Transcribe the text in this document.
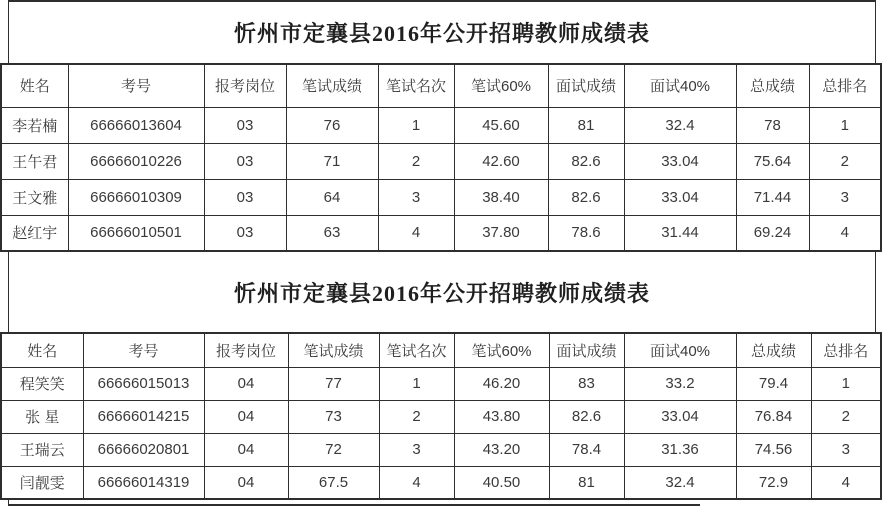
忻州市定襄县2016年公开招聘教师成绩表
姓名	考号	报考岗位	笔试成绩	笔试名次	笔试60%	面试成绩	面试40%	总成绩	总排名
李若楠	66666013604	03	76	1	45.60	81	32.4	78	1
王午君	66666010226	03	71	2	42.60	82.6	33.04	75.64	2
王文雅	66666010309	03	64	3	38.40	82.6	33.04	71.44	3
赵红宇	66666010501	03	63	4	37.80	78.6	31.44	69.24	4
忻州市定襄县2016年公开招聘教师成绩表
姓名	考号	报考岗位	笔试成绩	笔试名次	笔试60%	面试成绩	面试40%	总成绩	总排名
程笑笑	66666015013	04	77	1	46.20	83	33.2	79.4	1
张 星	66666014215	04	73	2	43.80	82.6	33.04	76.84	2
王瑞云	66666020801	04	72	3	43.20	78.4	31.36	74.56	3
闫靓雯	66666014319	04	67.5	4	40.50	81	32.4	72.9	4
